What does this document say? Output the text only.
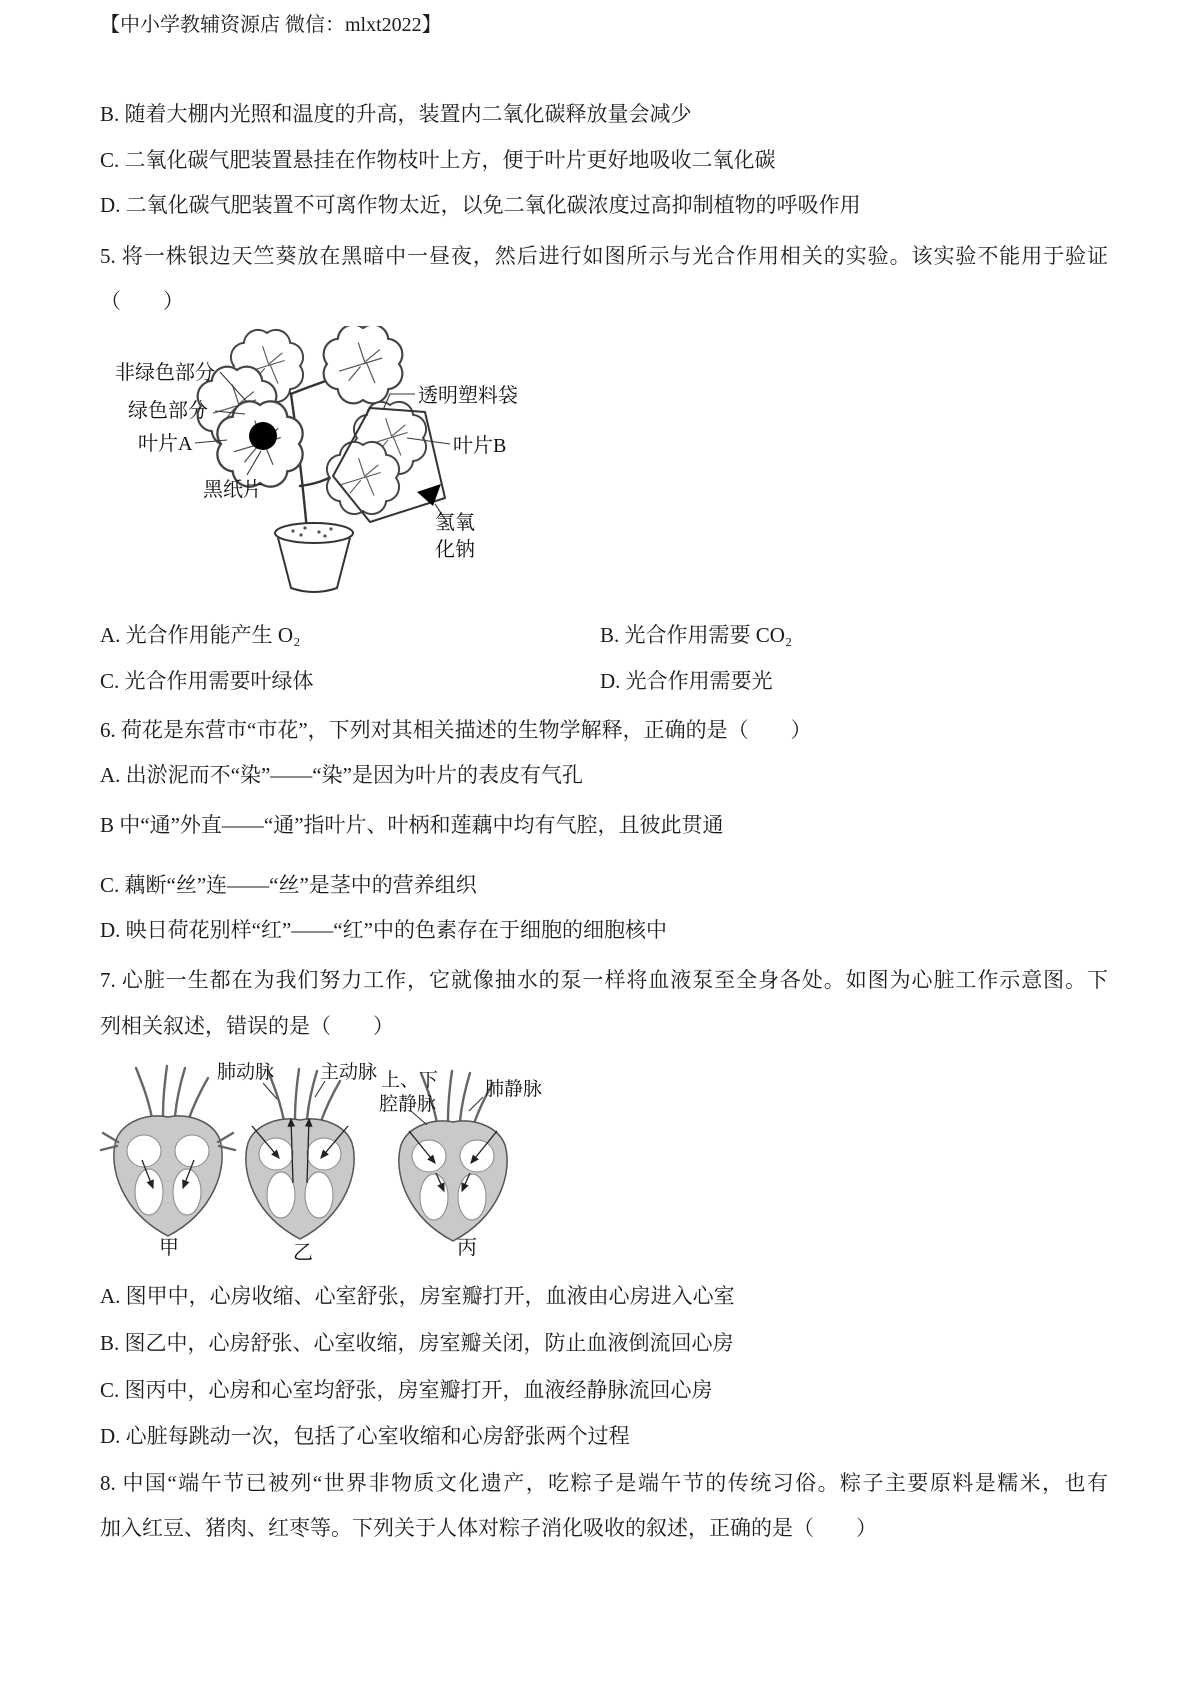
【中小学教辅资源店 微信：mlxt2022】
B. 随着大棚内光照和温度的升高，装置内二氧化碳释放量会减少
C. 二氧化碳气肥装置悬挂在作物枝叶上方，便于叶片更好地吸收二氧化碳
D. 二氧化碳气肥装置不可离作物太近，以免二氧化碳浓度过高抑制植物的呼吸作用
5. 将一株银边天竺葵放在黑暗中一昼夜，然后进行如图所示与光合作用相关的实验。该实验不能用于验证
（　　）
非绿色部分
绿色部分
叶片A
黑纸片
透明塑料袋
叶片B
氢氧
化钠
A. 光合作用能产生 O₂	B. 光合作用需要 CO₂
C. 光合作用需要叶绿体	D. 光合作用需要光
6. 荷花是东营市“市花”，下列对其相关描述的生物学解释，正确的是（　　）
A. 出淤泥而不“染”——“染”是因为叶片的表皮有气孔
B 中“通”外直——“通”指叶片、叶柄和莲藕中均有气腔，且彼此贯通
C. 藕断“丝”连——“丝”是茎中的营养组织
D. 映日荷花别样“红”——“红”中的色素存在于细胞的细胞核中
7. 心脏一生都在为我们努力工作，它就像抽水的泵一样将血液泵至全身各处。如图为心脏工作示意图。下
列相关叙述，错误的是（　　）
肺动脉 主动脉 上、下
腔静脉
肺静脉
甲	乙	丙
A. 图甲中，心房收缩、心室舒张，房室瓣打开，血液由心房进入心室
B. 图乙中，心房舒张、心室收缩，房室瓣关闭，防止血液倒流回心房
C. 图丙中，心房和心室均舒张，房室瓣打开，血液经静脉流回心房
D. 心脏每跳动一次，包括了心室收缩和心房舒张两个过程
8. 中国“端午节已被列“世界非物质文化遗产，吃粽子是端午节的传统习俗。粽子主要原料是糯米，也有
加入红豆、猪肉、红枣等。下列关于人体对粽子消化吸收的叙述，正确的是（　　）
